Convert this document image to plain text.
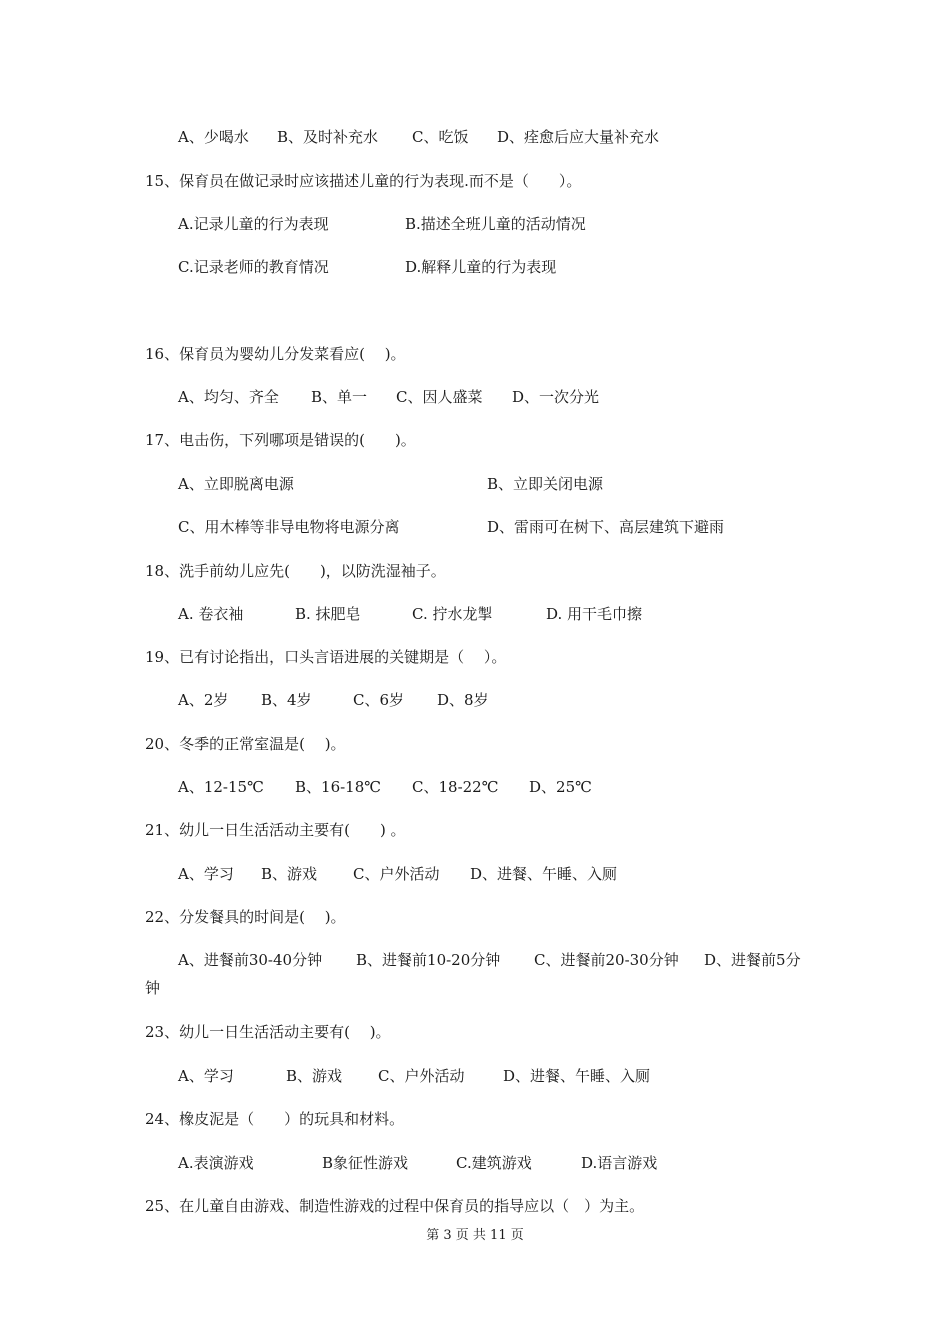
A、少喝水 B、及时补充水 C、吃饭 D、痊愈后应大量补充水

15、保育员在做记录时应该描述儿童的行为表现.而不是（　　）。

A.记录儿童的行为表现	B.描述全班儿童的活动情况
C.记录老师的教育情况	D.解释儿童的行为表现

16、保育员为婴幼儿分发菜看应(　 )。

A、均匀、齐全 B、单一 C、因人盛菜 D、一次分光

17、电击伤，下列哪项是错误的(　　)。

A、立即脱离电源	B、立即关闭电源
C、用木棒等非导电物将电源分离	D、雷雨可在树下、高层建筑下避雨

18、洗手前幼儿应先(　　)，以防洗湿袖子。

A. 卷衣袖	B. 抹肥皂	C. 拧水龙掣	D. 用干毛巾擦

19、已有讨论指出，口头言语进展的关键期是（　 ）。

A、2岁 B、4岁	C、6岁 D、8岁

20、冬季的正常室温是(　 )。

A、12-15℃ B、16-18℃ C、18-22℃ D、25℃

21、幼儿一日生活活动主要有(　　) 。

A、学习 B、游戏 C、户外活动 D、进餐、午睡、入厕

22、分发餐具的时间是(　 )。

A、进餐前30-40分钟 B、进餐前10-20分钟 C、进餐前20-30分钟 D、进餐前5分

钟

23、幼儿一日生活活动主要有(　 )。

A、学习	B、游戏 C、户外活动	D、进餐、午睡、入厕

24、橡皮泥是（　　）的玩具和材料。

A.表演游戏	B象征性游戏	C.建筑游戏	D.语言游戏

25、在儿童自由游戏、制造性游戏的过程中保育员的指导应以（　）为主。

第 3 页 共 11 页
